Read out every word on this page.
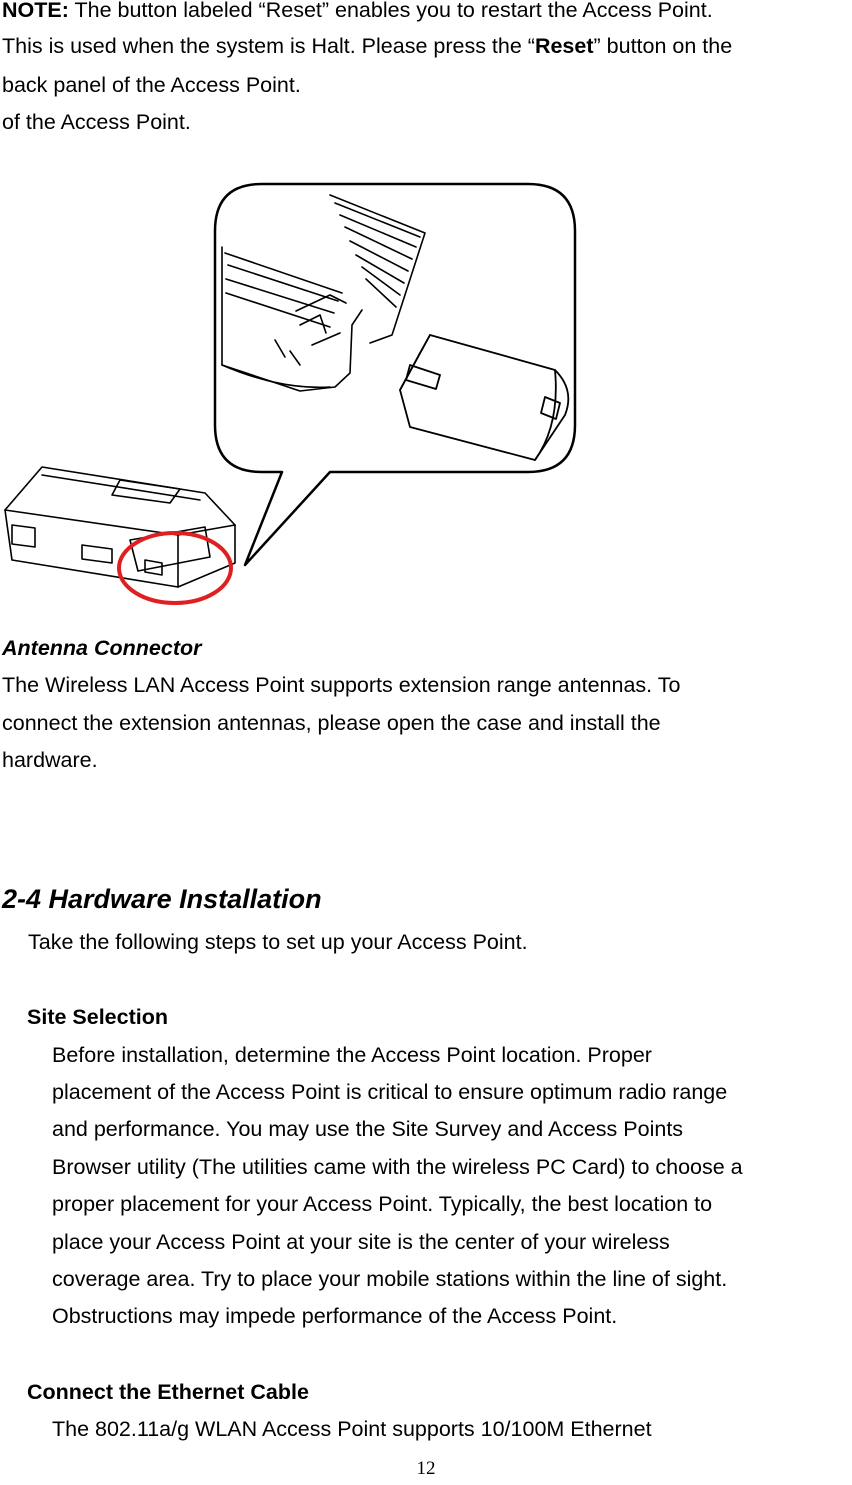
NOTE: The button labeled “Reset” enables you to restart the Access Point.
This is used when the system is Halt. Please press the “Reset” button on the
back panel of the Access Point.
of the Access Point.
Antenna Connector
The Wireless LAN Access Point supports extension range antennas. To
connect the extension antennas, please open the case and install the
hardware.
2-4 Hardware Installation
Take the following steps to set up your Access Point.
Site Selection
Before installation, determine the Access Point location. Proper
placement of the Access Point is critical to ensure optimum radio range
and performance. You may use the Site Survey and Access Points
Browser utility (The utilities came with the wireless PC Card) to choose a
proper placement for your Access Point. Typically, the best location to
place your Access Point at your site is the center of your wireless
coverage area. Try to place your mobile stations within the line of sight.
Obstructions may impede performance of the Access Point.
Connect the Ethernet Cable
The 802.11a/g WLAN Access Point supports 10/100M Ethernet
12
